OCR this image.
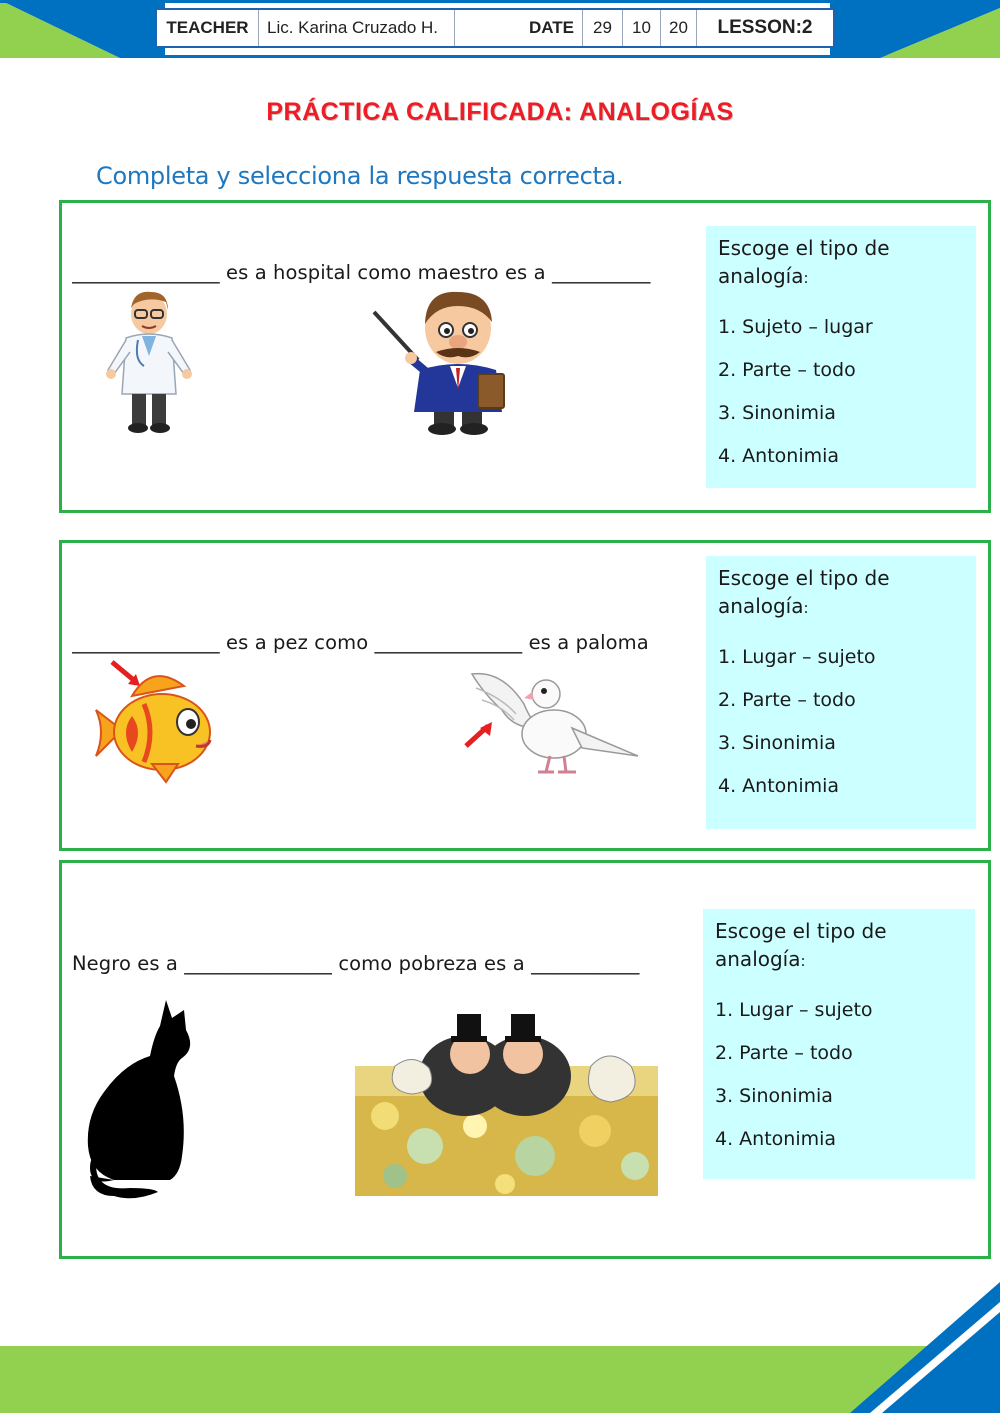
TEACHER	Lic. Karina Cruzado H.	DATE	29	10	20	LESSON:2
PRÁCTICA CALIFICADA: ANALOGÍAS
Completa y selecciona la respuesta correcta.
_______________ es a hospital como maestro es a __________
Escoge el tipo de analogía:
1. Sujeto – lugar
2. Parte – todo
3. Sinonimia
4. Antonimia
_______________ es a pez como _______________ es a paloma
Escoge el tipo de analogía:
1. Lugar – sujeto
2. Parte – todo
3. Sinonimia
4. Antonimia
Negro es a _______________ como pobreza es a ___________
Escoge el tipo de analogía:
1. Lugar – sujeto
2. Parte – todo
3. Sinonimia
4. Antonimia
